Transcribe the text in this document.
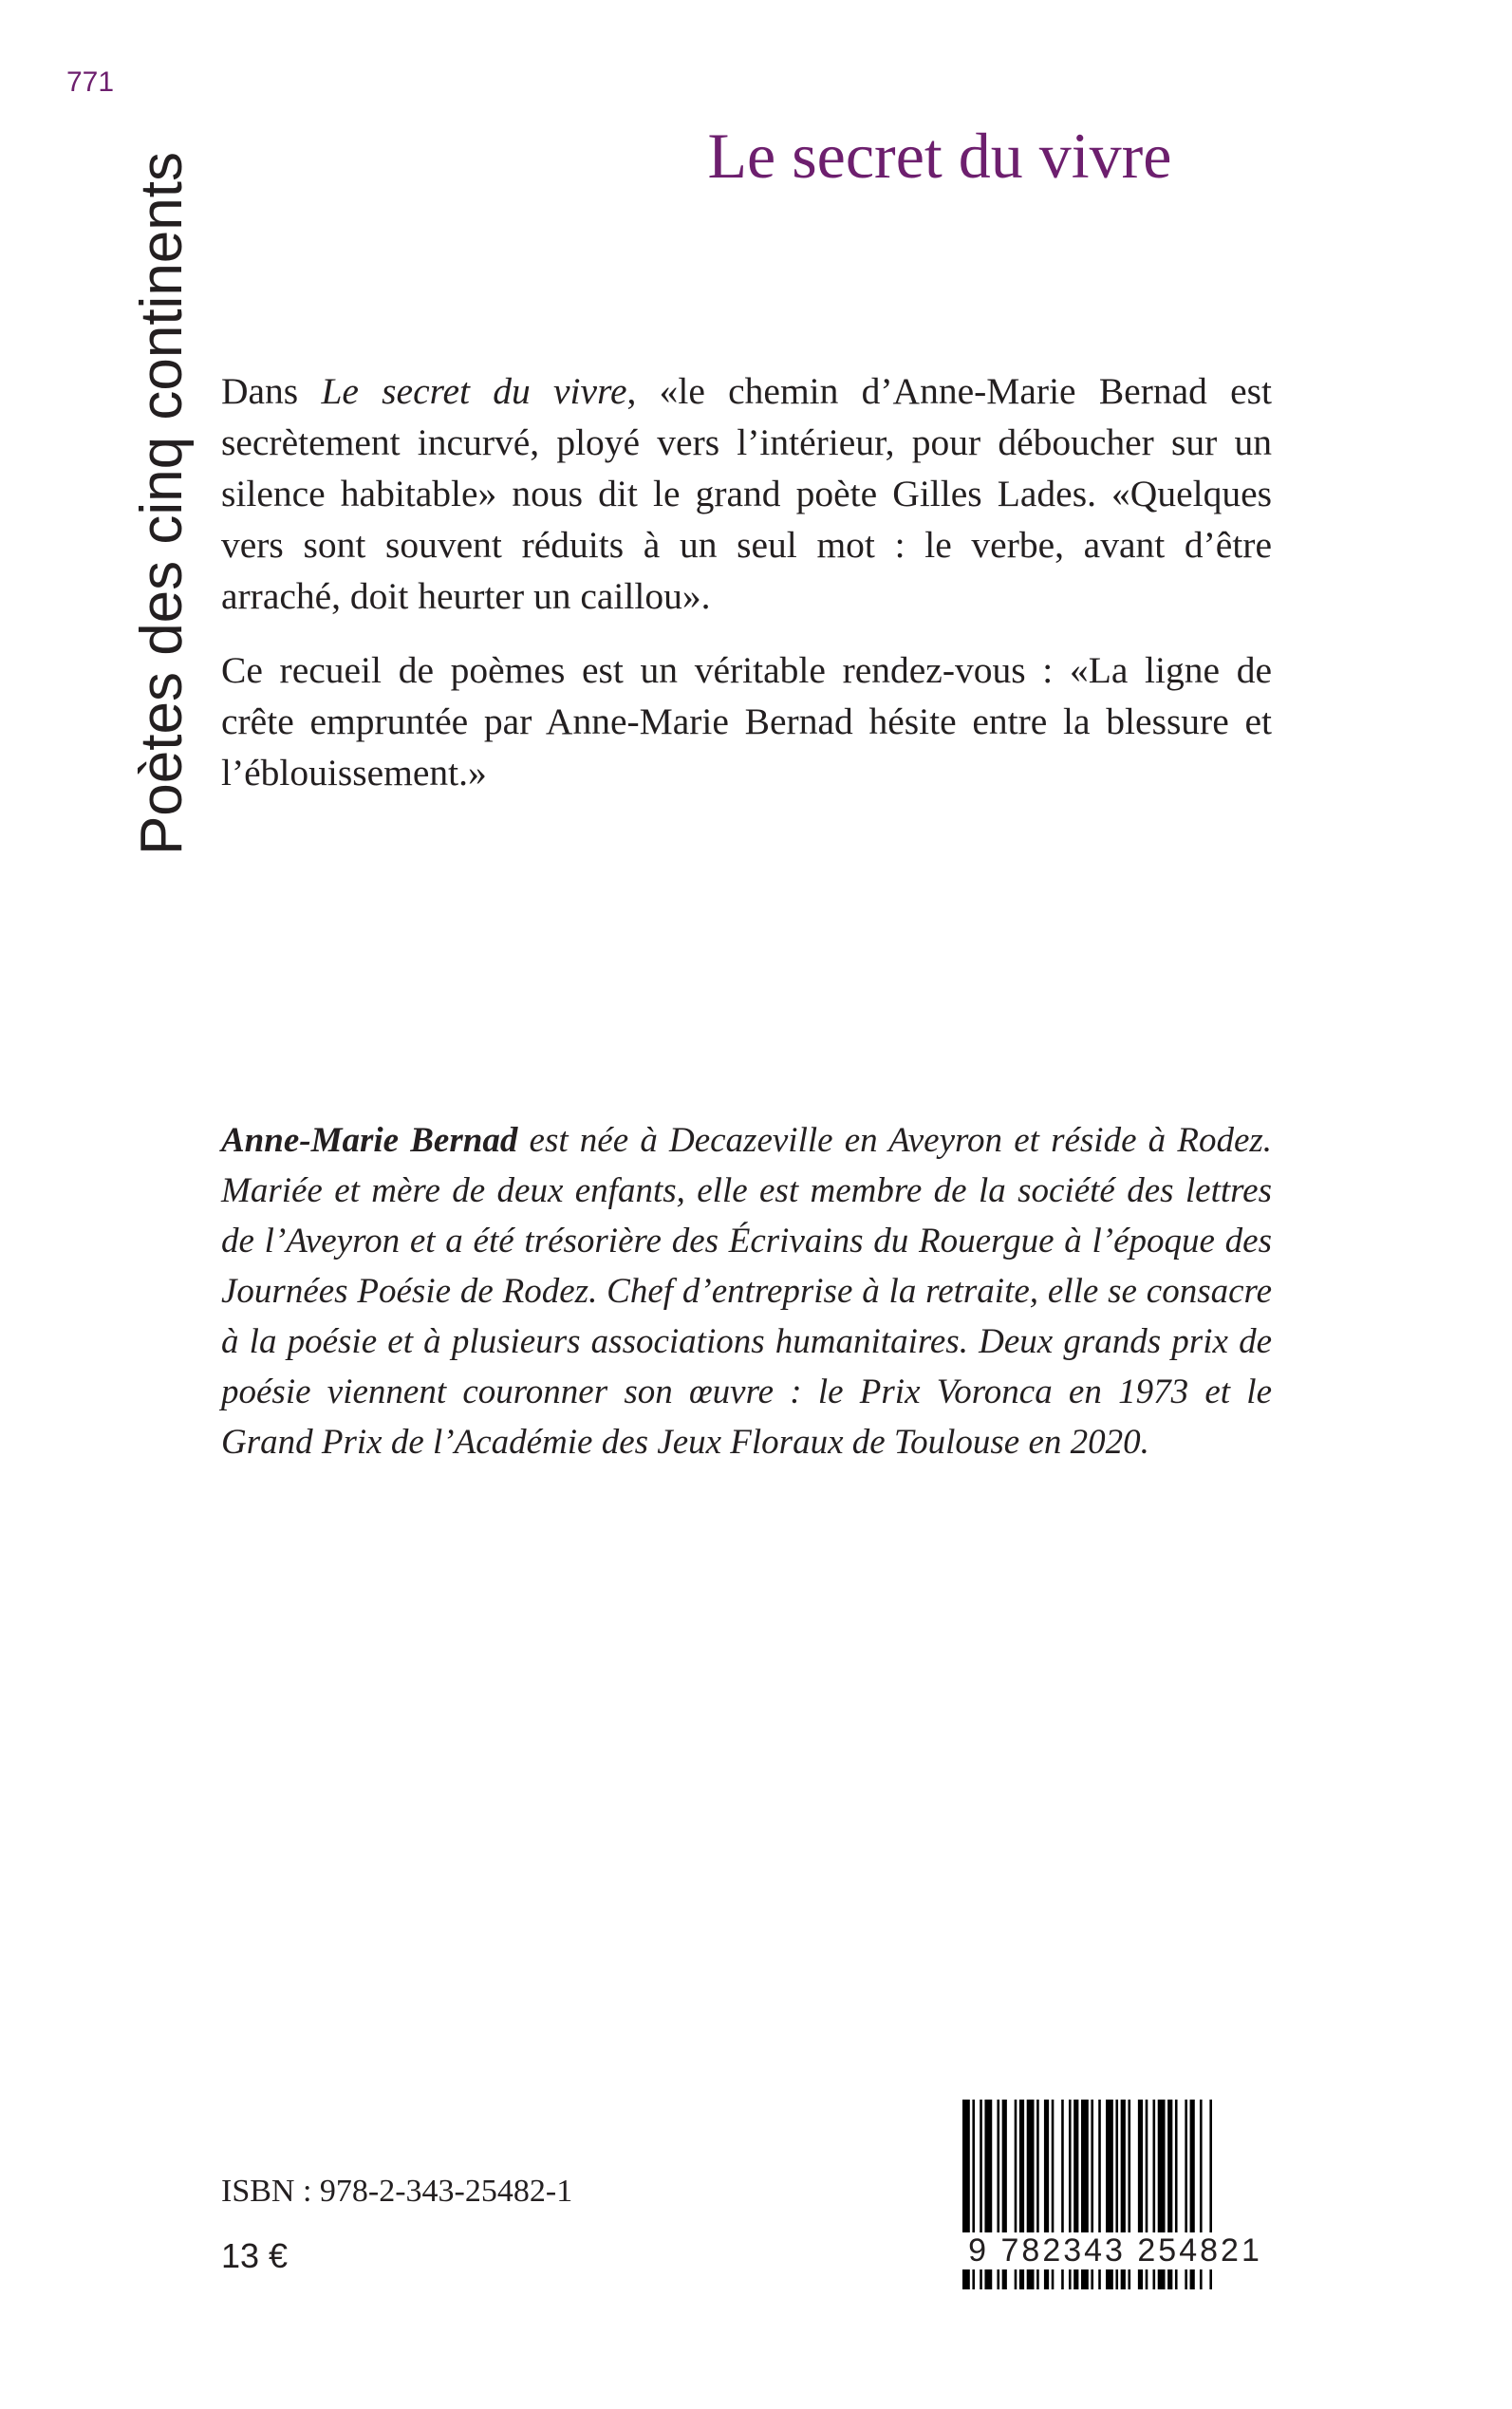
771
Poètes des cinq continents	Le secret du vivre

Dans Le secret du vivre, «le chemin d’Anne-Marie Bernad est secrètement incurvé, ployé vers l’intérieur, pour déboucher sur un silence habitable» nous dit le grand poète Gilles Lades. «Quelques vers sont souvent réduits à un seul mot : le verbe, avant d’être arraché, doit heurter un caillou».

Ce recueil de poèmes est un véritable rendez-vous : «La ligne de crête empruntée par Anne-Marie Bernad hésite entre la blessure et l’éblouissement.»

Anne-Marie Bernad est née à Decazeville en Aveyron et réside à Rodez. Mariée et mère de deux enfants, elle est membre de la société des lettres de l’Aveyron et a été trésorière des Écrivains du Rouergue à l’époque des Journées Poésie de Rodez. Chef d’entreprise à la retraite, elle se consacre à la poésie et à plusieurs associations humanitaires. Deux grands prix de poésie viennent couronner son œuvre : le Prix Voronca en 1973 et le Grand Prix de l’Académie des Jeux Floraux de Toulouse en 2020.
ISBN : 978-2-343-25482-1
13 €	9 782343 254821
